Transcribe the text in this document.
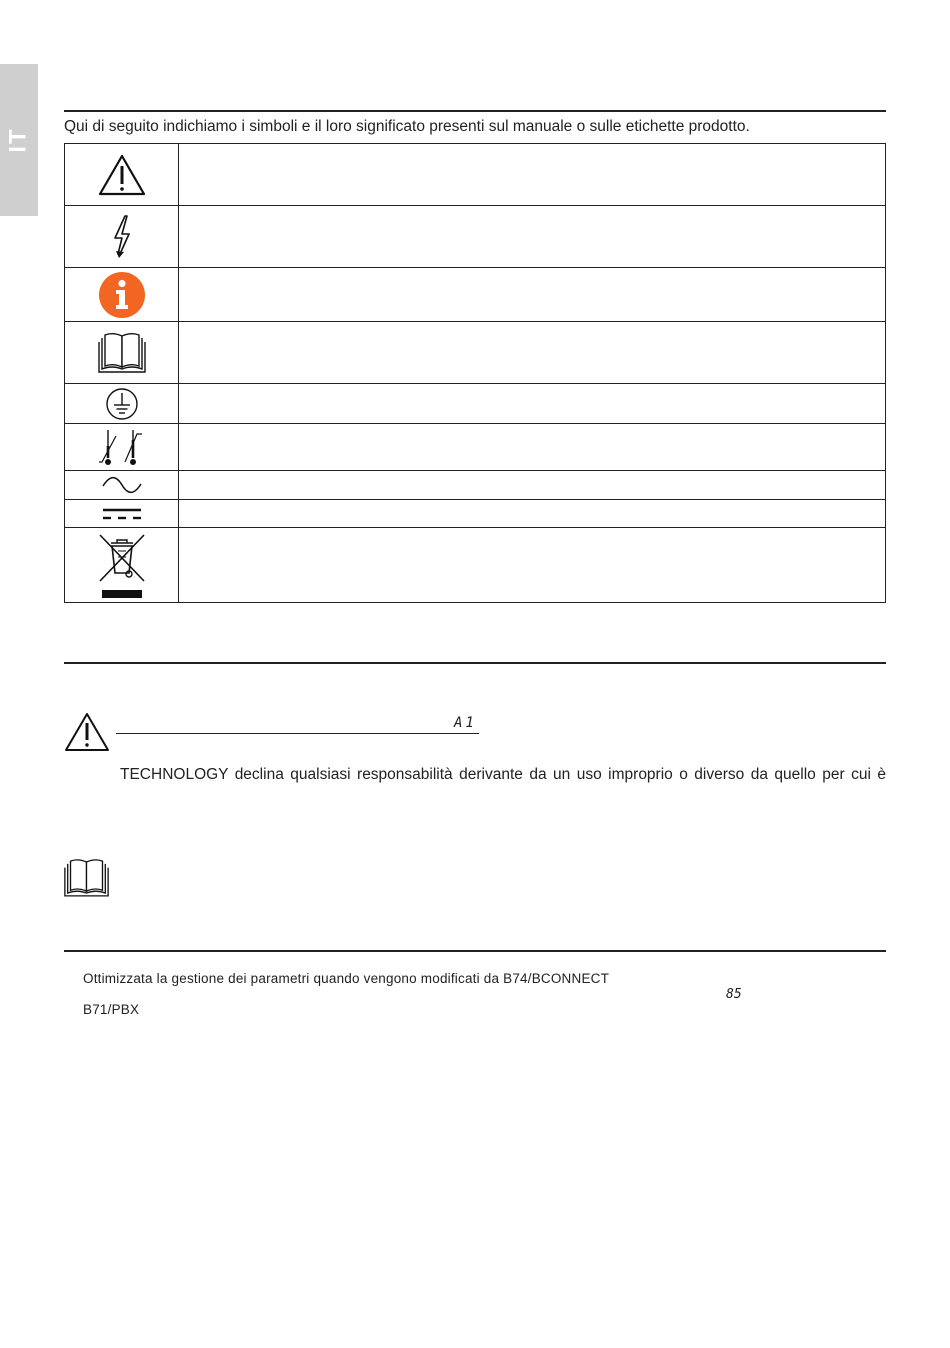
IT
Qui di seguito indichiamo i simboli e il loro significato presenti sul manuale o sulle etichette prodotto.

A1
TECHNOLOGY declina qualsiasi responsabilità derivante da un uso improprio o diverso da quello per cui è
Ottimizzata la gestione dei parametri quando vengono modificati da B74/BCONNECT
85
B71/PBX
